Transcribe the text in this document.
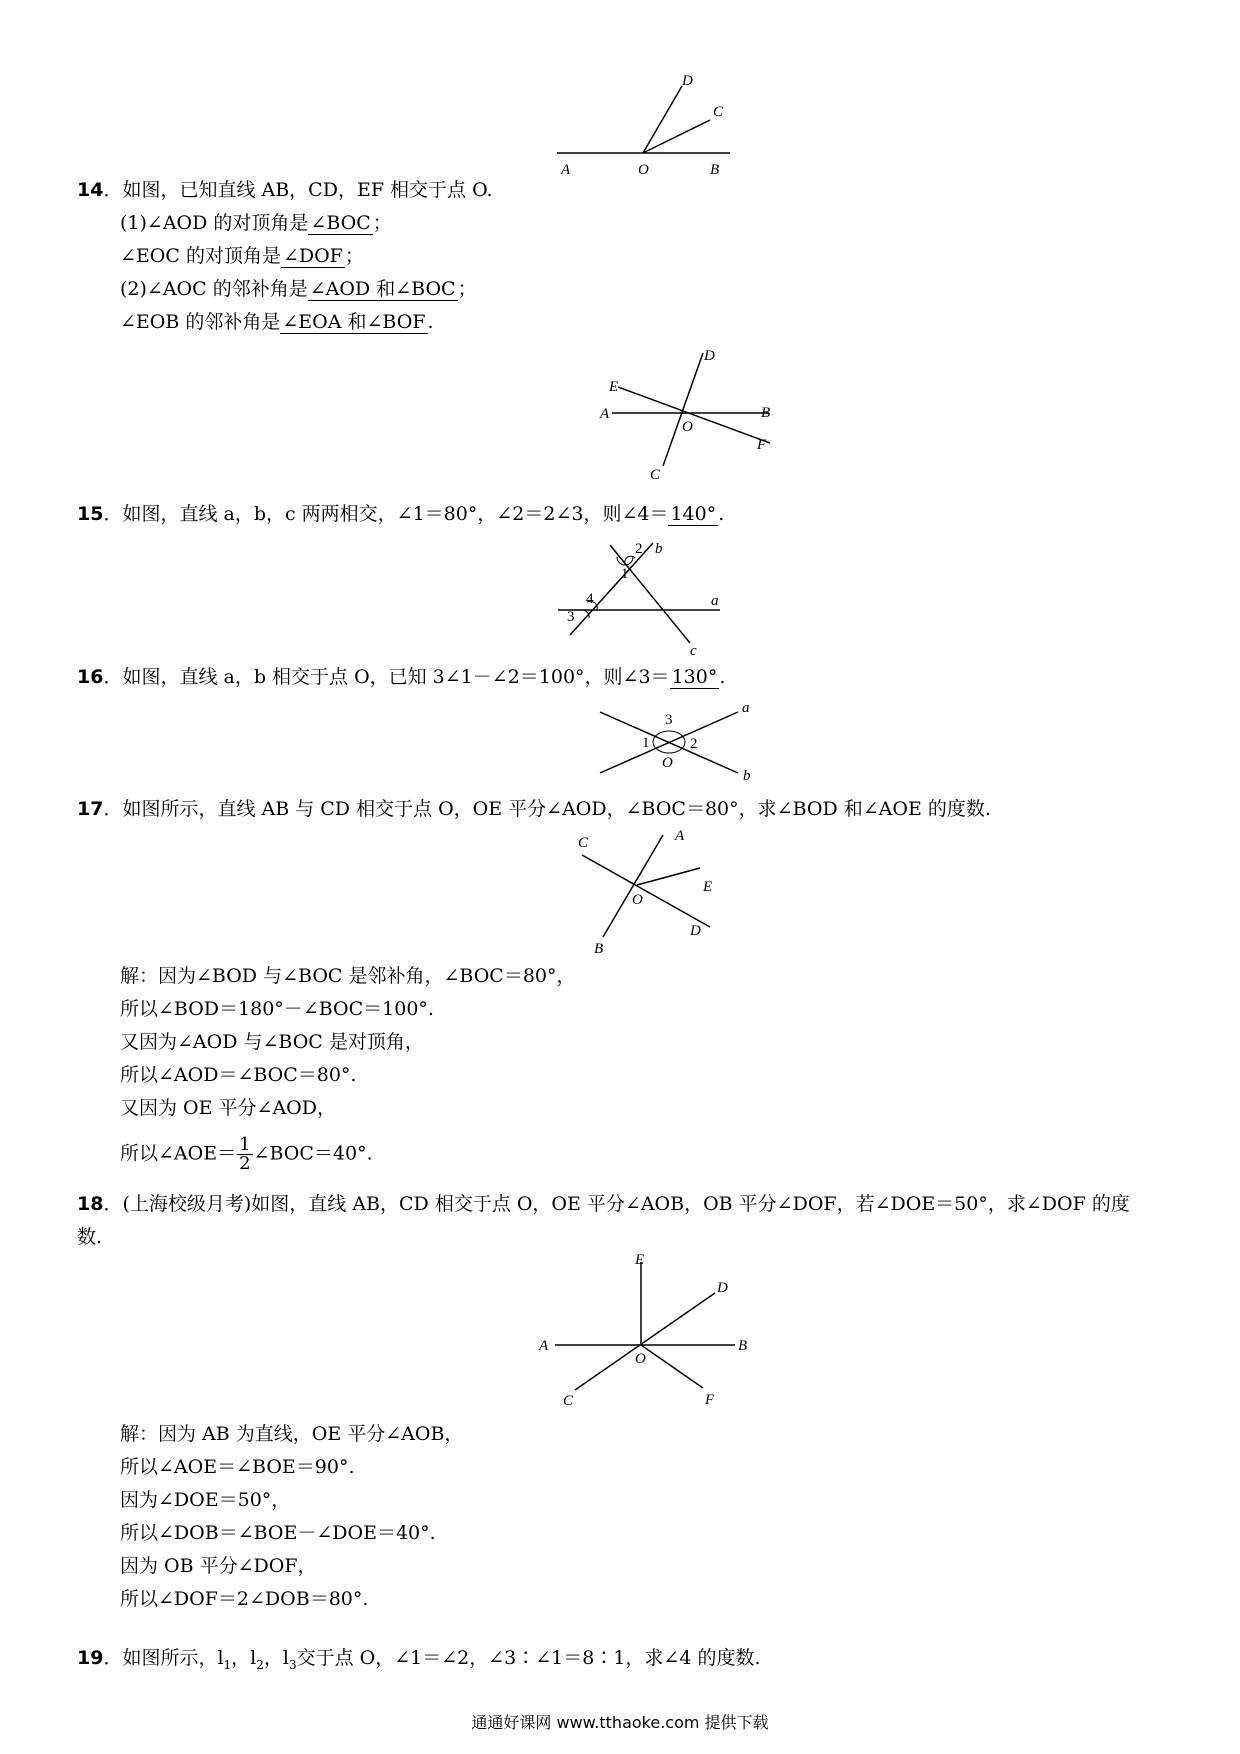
A	O	B
C
D
14．如图，已知直线 AB，CD，EF 相交于点 O.
(1)∠AOD 的对顶角是 ∠BOC ；
∠EOC 的对顶角是 ∠DOF ；
(2)∠AOC 的邻补角是 ∠AOD 和∠BOC ；
∠EOB 的邻补角是 ∠EOA 和∠BOF .
D
E
A	B
O
F
C
15．如图，直线 a，b，c 两两相交，∠1＝80°，∠2＝2∠3，则∠4＝ 140° .
1
2
3
4	a
b
c
16．如图，直线 a，b 相交于点 O，已知 3∠1－∠2＝100°，则∠3＝ 130° .
1	2
3
O
a
b
17．如图所示，直线 AB 与 CD 相交于点 O，OE 平分∠AOD，∠BOC＝80°，求∠BOD 和∠AOE 的度数.
A
C
E
O
D
B
解：因为∠BOD 与∠BOC 是邻补角，∠BOC＝80°，
所以∠BOD＝180°－∠BOC＝100°.
又因为∠AOD 与∠BOC 是对顶角，
所以∠AOD＝∠BOC＝80°.
又因为 OE 平分∠AOD，
所以∠AOE＝ $\frac{1}{2}$ ∠BOC＝40°.
18．(上海校级月考)如图，直线 AB，CD 相交于点 O，OE 平分∠AOB，OB 平分∠DOF，若∠DOE＝50°，求∠DOF 的度
数.
E
D
A
O
B
C	F
解：因为 AB 为直线，OE 平分∠AOB，
所以∠AOE＝∠BOE＝90°.
因为∠DOE＝50°，
所以∠DOB＝∠BOE－∠DOE＝40°.
因为 OB 平分∠DOF，
所以∠DOF＝2∠DOB＝80°.
19．如图所示，$l_1$，$l_2$，$l_3$交于点 O，∠1＝∠2，∠3∶∠1＝8∶1，求∠4 的度数.
通通好课网 www.tthaoke.com 提供下载
